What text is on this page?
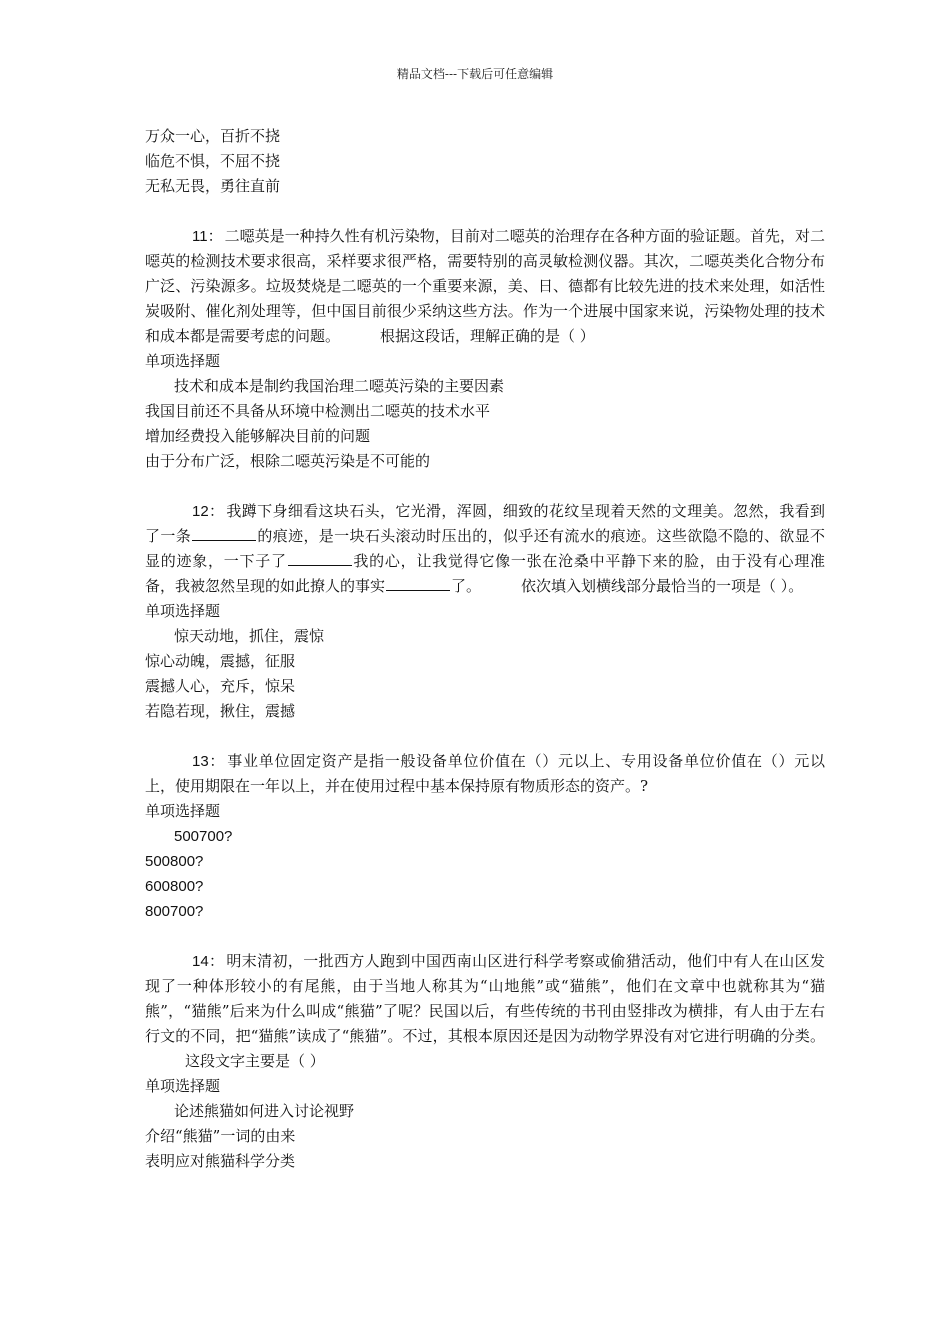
精品文档---下载后可任意编辑
万众一心，百折不挠
临危不惧，不屈不挠
无私无畏，勇往直前
11： 二噁英是一种持久性有机污染物，目前对二噁英的治理存在各种方面的验证题。首先，对二噁英的检测技术要求很高，采样要求很严格，需要特别的高灵敏检测仪器。其次，二噁英类化合物分布广泛、污染源多。垃圾焚烧是二噁英的一个重要来源，美、日、德都有比较先进的技术来处理，如活性炭吸附、催化剂处理等，但中国目前很少采纳这些方法。作为一个进展中国家来说，污染物处理的技术和成本都是需要考虑的问题。	根据这段话，理解正确的是（ ）
单项选择题
技术和成本是制约我国治理二噁英污染的主要因素
我国目前还不具备从环境中检测出二噁英的技术水平
增加经费投入能够解决目前的问题
由于分布广泛，根除二噁英污染是不可能的
12： 我蹲下身细看这块石头，它光滑，浑圆，细致的花纹呈现着天然的文理美。忽然，我看到了一条	的痕迹，是一块石头滚动时压出的，似乎还有流水的痕迹。这些欲隐不隐的、欲显不显的迹象，一下子了	我的心，让我觉得它像一张在沧桑中平静下来的脸，由于没有心理准备，我被忽然呈现的如此撩人的事实	了。	依次填入划横线部分最恰当的一项是（ ）。
单项选择题
惊天动地，抓住，震惊
惊心动魄，震撼，征服
震撼人心，充斥，惊呆
若隐若现，揪住，震撼
13： 事业单位固定资产是指一般设备单位价值在（）元以上、专用设备单位价值在（）元以上，使用期限在一年以上，并在使用过程中基本保持原有物质形态的资产。?
单项选择题
500700?
500800?
600800?
800700?
14： 明末清初，一批西方人跑到中国西南山区进行科学考察或偷猎活动，他们中有人在山区发现了一种体形较小的有尾熊，由于当地人称其为“山地熊”或“猫熊”，他们在文章中也就称其为“猫熊”，“猫熊”后来为什么叫成“熊猫”了呢？民国以后，有些传统的书刊由竖排改为横排，有人由于左右行文的不同，把“猫熊”读成了“熊猫”。不过，其根本原因还是因为动物学界没有对它进行明确的分类。这段文字主要是（ ）
单项选择题
论述熊猫如何进入讨论视野
介绍“熊猫”一词的由来
表明应对熊猫科学分类
